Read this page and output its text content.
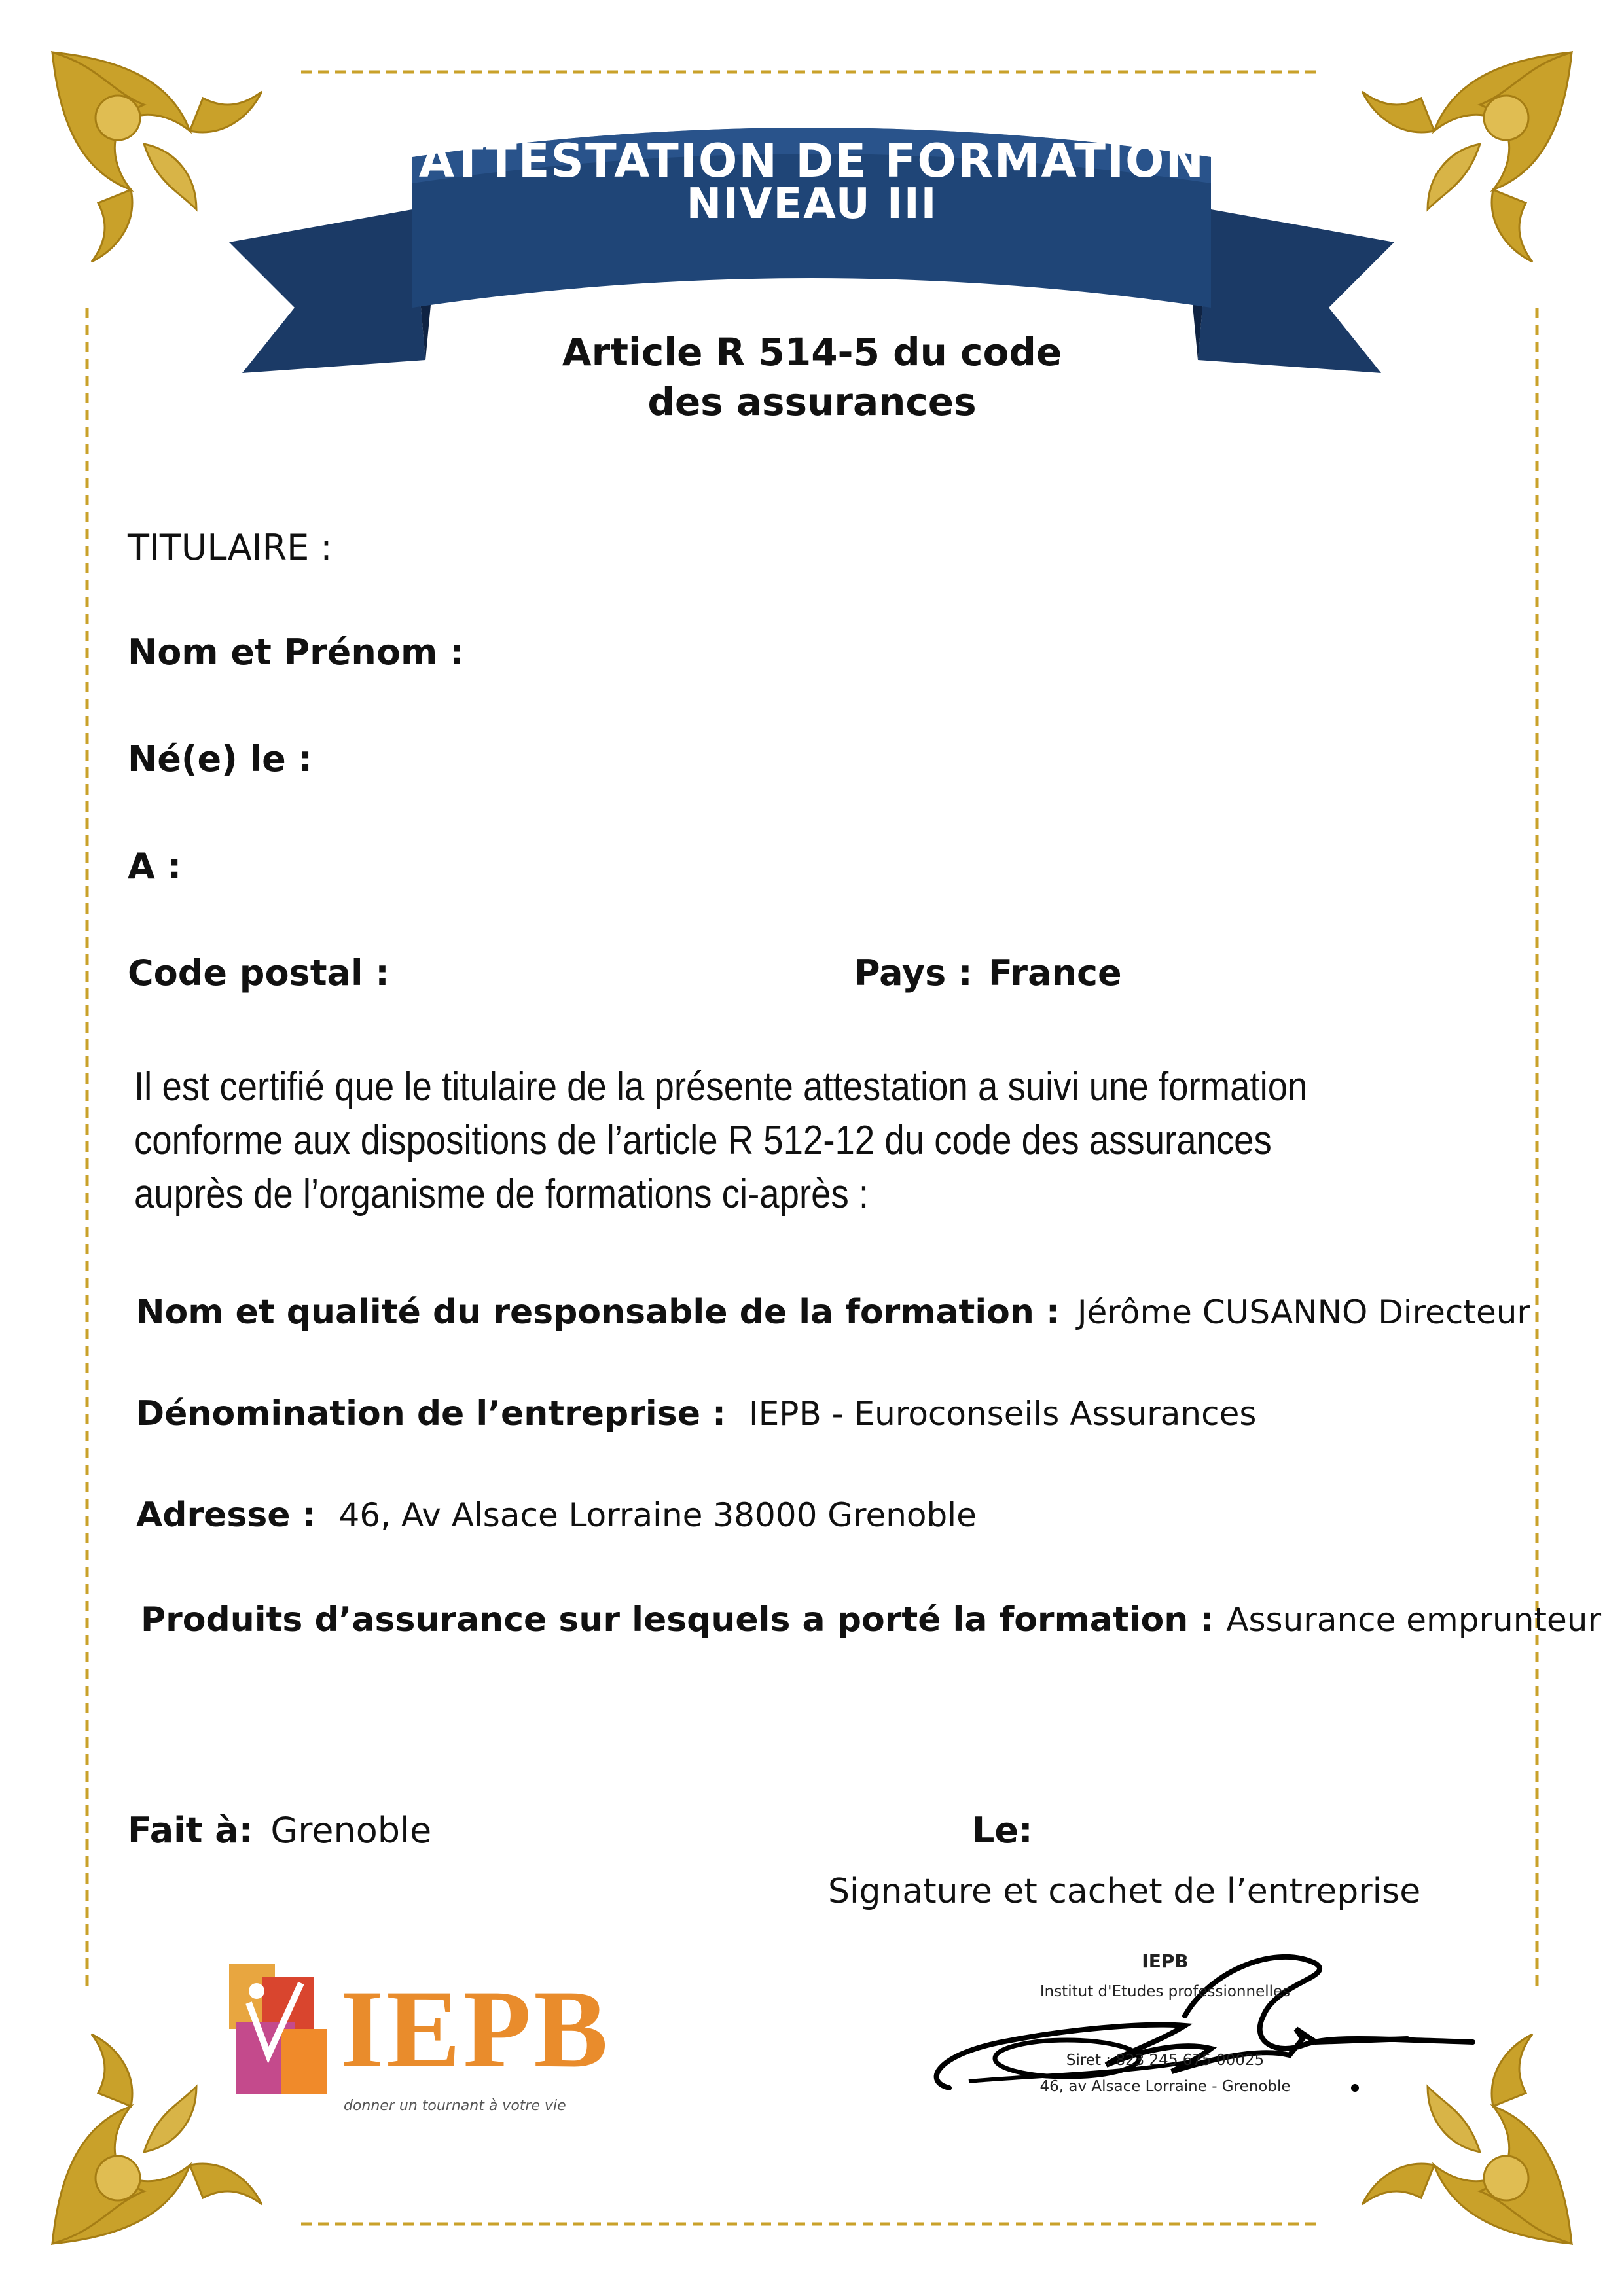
ATTESTATION DE FORMATION
NIVEAU III
Article R 514-5 du code
des assurances
TITULAIRE :
Nom et Prénom :
Né(e) le :
A :
Code postal :	Pays : France
Il est certifié que le titulaire de la présente attestation a suivi une formation
conforme aux dispositions de l’article R 512-12 du code des assurances
auprès de l’organisme de formations ci-après :
Nom et qualité du responsable de la formation : Jérôme CUSANNO Directeur
Dénomination de l’entreprise : IEPB - Euroconseils Assurances
Adresse : 46, Av Alsace Lorraine 38000 Grenoble
Produits d’assurance sur lesquels a porté la formation : Assurance emprunteur
Fait à: Grenoble	Le:
Signature et cachet de l’entreprise
IEPB
donner un tournant à votre vie
IEPB
Institut d'Etudes professionnelles
Siret : 823 245 675 00025
46, av Alsace Lorraine - Grenoble
